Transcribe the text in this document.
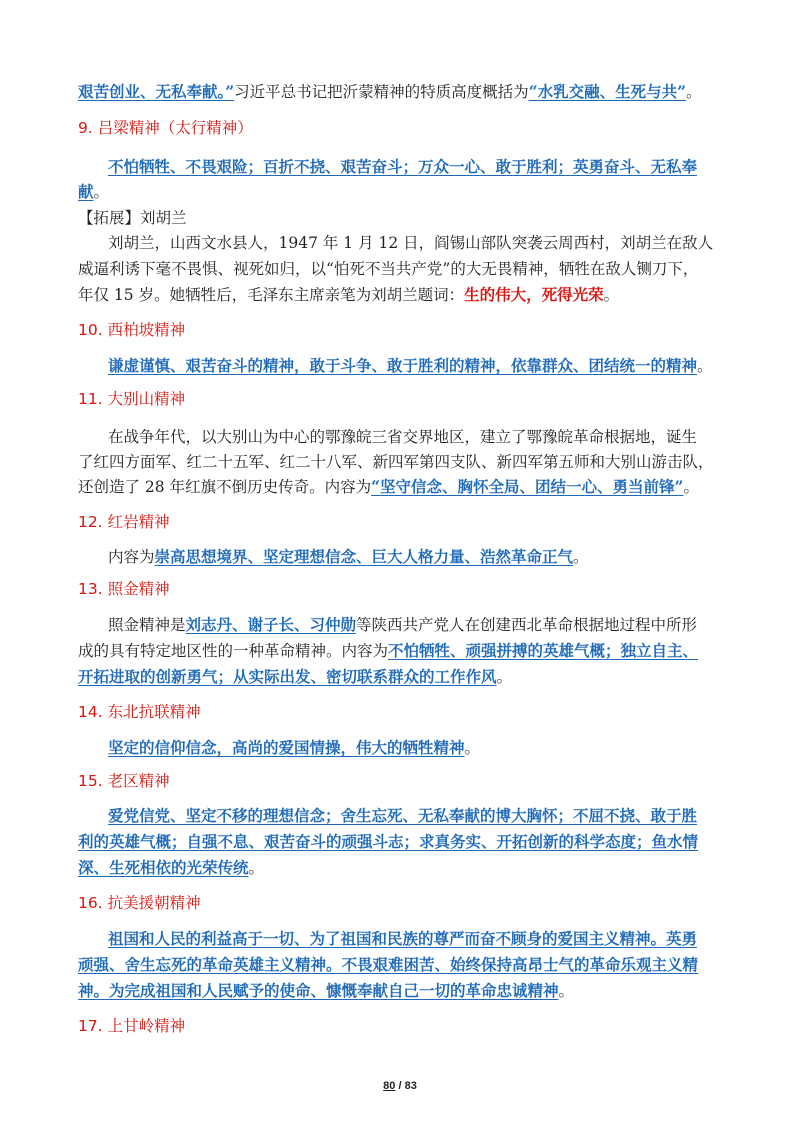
艰苦创业、无私奉献。”习近平总书记把沂蒙精神的特质高度概括为“水乳交融、生死与共”。
9. 吕梁精神（太行精神）
不怕牺牲、不畏艰险；百折不挠、艰苦奋斗；万众一心、敢于胜利；英勇奋斗、无私奉
献。
【拓展】刘胡兰
刘胡兰，山西文水县人，1947 年 1 月 12 日，阎锡山部队突袭云周西村，刘胡兰在敌人
威逼利诱下毫不畏惧、视死如归，以“怕死不当共产党”的大无畏精神，牺牲在敌人铡刀下，
年仅 15 岁。她牺牲后，毛泽东主席亲笔为刘胡兰题词：生的伟大，死得光荣。
10. 西柏坡精神
谦虚谨慎、艰苦奋斗的精神，敢于斗争、敢于胜利的精神，依靠群众、团结统一的精神。
11. 大别山精神
在战争年代，以大别山为中心的鄂豫皖三省交界地区，建立了鄂豫皖革命根据地，诞生
了红四方面军、红二十五军、红二十八军、新四军第四支队、新四军第五师和大别山游击队，
还创造了 28 年红旗不倒历史传奇。内容为“坚守信念、胸怀全局、团结一心、勇当前锋”。
12. 红岩精神
内容为崇高思想境界、坚定理想信念、巨大人格力量、浩然革命正气。
13. 照金精神
照金精神是刘志丹、谢子长、习仲勋等陕西共产党人在创建西北革命根据地过程中所形
成的具有特定地区性的一种革命精神。内容为不怕牺牲、顽强拼搏的英雄气概；独立自主、
开拓进取的创新勇气；从实际出发、密切联系群众的工作作风。
14. 东北抗联精神
坚定的信仰信念，高尚的爱国情操，伟大的牺牲精神。
15. 老区精神
爱党信党、坚定不移的理想信念；舍生忘死、无私奉献的博大胸怀；不屈不挠、敢于胜
利的英雄气概；自强不息、艰苦奋斗的顽强斗志；求真务实、开拓创新的科学态度；鱼水情
深、生死相依的光荣传统。
16. 抗美援朝精神
祖国和人民的利益高于一切、为了祖国和民族的尊严而奋不顾身的爱国主义精神。英勇
顽强、舍生忘死的革命英雄主义精神。不畏艰难困苦、始终保持高昂士气的革命乐观主义精
神。为完成祖国和人民赋予的使命、慷慨奉献自己一切的革命忠诚精神。
17. 上甘岭精神
80 / 83
